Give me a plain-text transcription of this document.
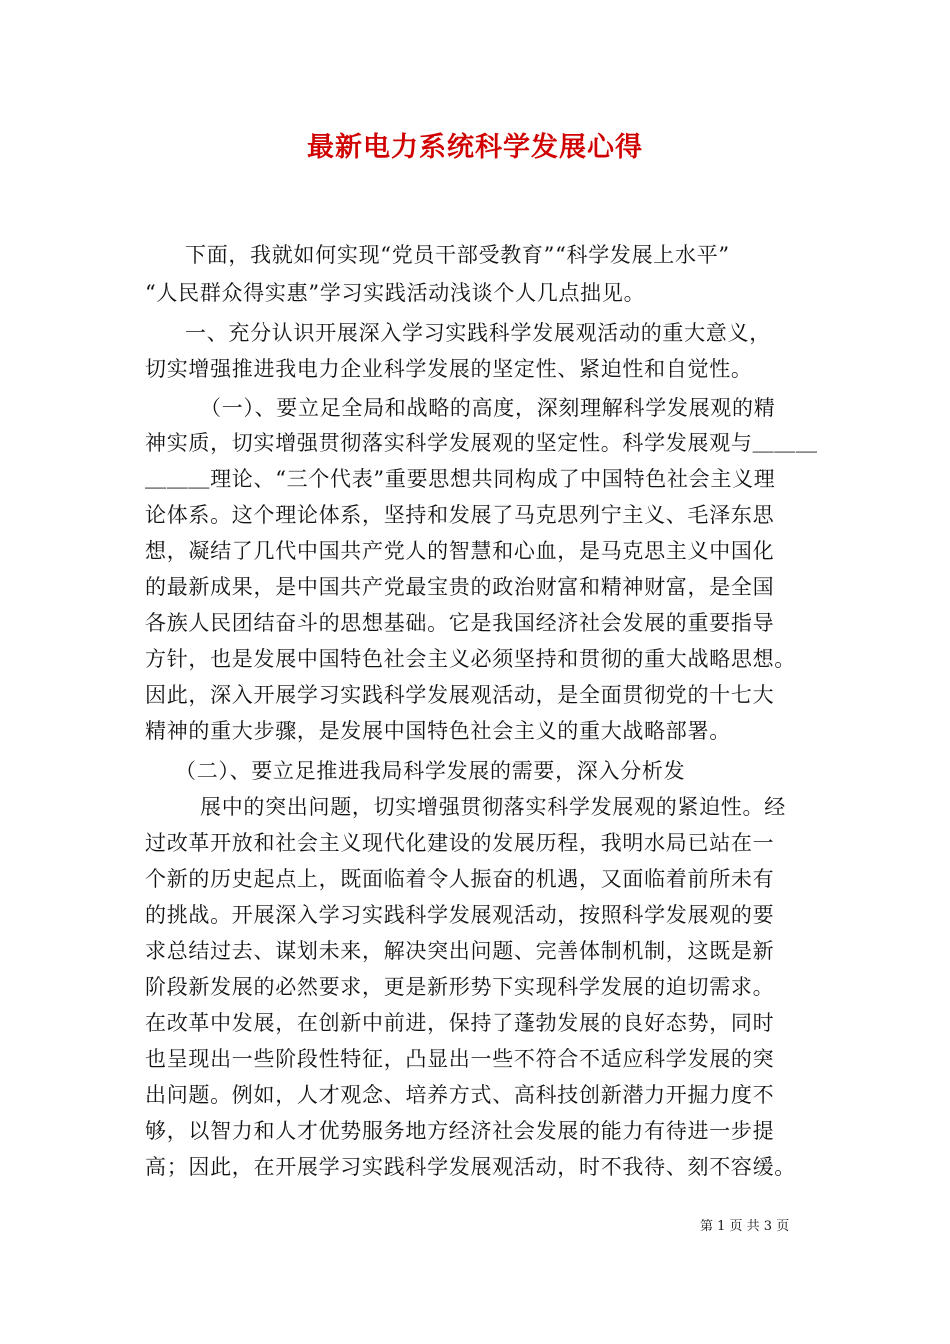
最新电力系统科学发展心得
下面，我就如何实现“党员干部受教育”“科学发展上水平”
“人民群众得实惠”学习实践活动浅谈个人几点拙见。
一、充分认识开展深入学习实践科学发展观活动的重大意义，
切实增强推进我电力企业科学发展的坚定性、紧迫性和自觉性。
（一）、要立足全局和战略的高度，深刻理解科学发展观的精
神实质，切实增强贯彻落实科学发展观的坚定性。科学发展观与＿＿＿
＿＿＿理论、“三个代表”重要思想共同构成了中国特色社会主义理
论体系。这个理论体系，坚持和发展了马克思列宁主义、毛泽东思
想，凝结了几代中国共产党人的智慧和心血，是马克思主义中国化
的最新成果，是中国共产党最宝贵的政治财富和精神财富，是全国
各族人民团结奋斗的思想基础。它是我国经济社会发展的重要指导
方针，也是发展中国特色社会主义必须坚持和贯彻的重大战略思想。
因此，深入开展学习实践科学发展观活动，是全面贯彻党的十七大
精神的重大步骤，是发展中国特色社会主义的重大战略部署。
（二）、要立足推进我局科学发展的需要，深入分析发
展中的突出问题，切实增强贯彻落实科学发展观的紧迫性。经
过改革开放和社会主义现代化建设的发展历程，我明水局已站在一
个新的历史起点上，既面临着令人振奋的机遇，又面临着前所未有
的挑战。开展深入学习实践科学发展观活动，按照科学发展观的要
求总结过去、谋划未来，解决突出问题、完善体制机制，这既是新
阶段新发展的必然要求，更是新形势下实现科学发展的迫切需求。
在改革中发展，在创新中前进，保持了蓬勃发展的良好态势，同时
也呈现出一些阶段性特征，凸显出一些不符合不适应科学发展的突
出问题。例如，人才观念、培养方式、高科技创新潜力开掘力度不
够，以智力和人才优势服务地方经济社会发展的能力有待进一步提
高；因此，在开展学习实践科学发展观活动，时不我待、刻不容缓。
第 1 页 共 3 页
